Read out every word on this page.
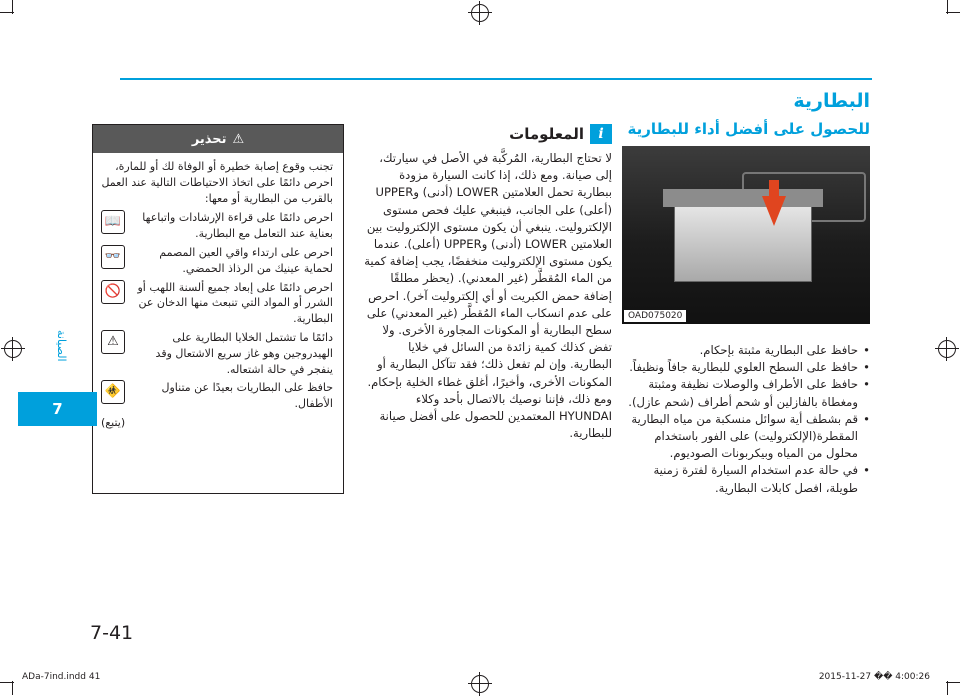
البطارية
للحصول على أفضل أداء للبطارية
OAD075020
• حافظ على البطارية مثبتة بإحكام.
• حافظ على السطح العلوي للبطارية جافاً ونظيفاً.
• حافظ على الأطراف والوصلات نظيفة ومثبتة ومغطاة بالفازلين أو شحم أطراف (شحم عازل).
• قم بشطف أية سوائل منسكبة من مياه البطارية المقطرة(الإلكتروليت) على الفور باستخدام محلول من المياه وبيكربونات الصوديوم.
• في حالة عدم استخدام السيارة لفترة زمنية طويلة، افصل كابلات البطارية.
i
المعلومات
لا تحتاج البطارية، المُركَّبة في الأصل في سيارتك، إلى صيانة. ومع ذلك، إذا كانت السيارة مزودة ببطارية تحمل العلامتين LOWER (أدنى) وUPPER (أعلى) على الجانب، فينبغي عليك فحص مستوى الإلكتروليت. ينبغي أن يكون مستوى الإلكتروليت بين العلامتين LOWER (أدنى) وUPPER (أعلى). عندما يكون مستوى الإلكتروليت منخفضًا، يجب إضافة كمية من الماء المُقطَّر (غير المعدني). (يحظر مطلقًا إضافة حمض الكبريت أو أي إلكتروليت آخر). احرص على عدم انسكاب الماء المُقطَّر (غير المعدني) على سطح البطارية أو المكونات المجاورة الأخرى. ولا تفض كذلك كمية زائدة من السائل في خلايا البطارية. وإن لم تفعل ذلك؛ فقد تتآكل البطارية أو المكونات الأخرى، وأخيرًا، أغلق غطاء الخلية بإحكام. ومع ذلك، فإننا نوصيك بالاتصال بأحد وكلاء HYUNDAI المعتمدين للحصول على أفضل صيانة للبطارية.
⚠
تحذير
تجنب وقوع إصابة خطيرة أو الوفاة لك أو للمارة، احرص دائمًا على اتخاذ الاحتياطات التالية عند العمل بالقرب من البطارية أو معها:
📖	احرص دائمًا على قراءة الإرشادات واتباعها بعناية عند التعامل مع البطارية.
👓	احرص على ارتداء واقي العين المصمم لحماية عينيك من الرذاذ الحمضي.
🚫	احرص دائمًا على إبعاد جميع ألسنة اللهب أو الشرر أو المواد التي تنبعث منها الدخان عن البطارية.
⚠	دائمًا ما تشتمل الخلايا البطارية على الهيدروجين وهو غاز سريع الاشتعال وقد ينفجر في حالة اشتعاله.
🚸	حافظ على البطاريات بعيدًا عن متناول الأطفال.
(يتبع)
الصيانة
7
7-41
ADa-7ind.indd 41	2015-11-27 �� 4:00:26
